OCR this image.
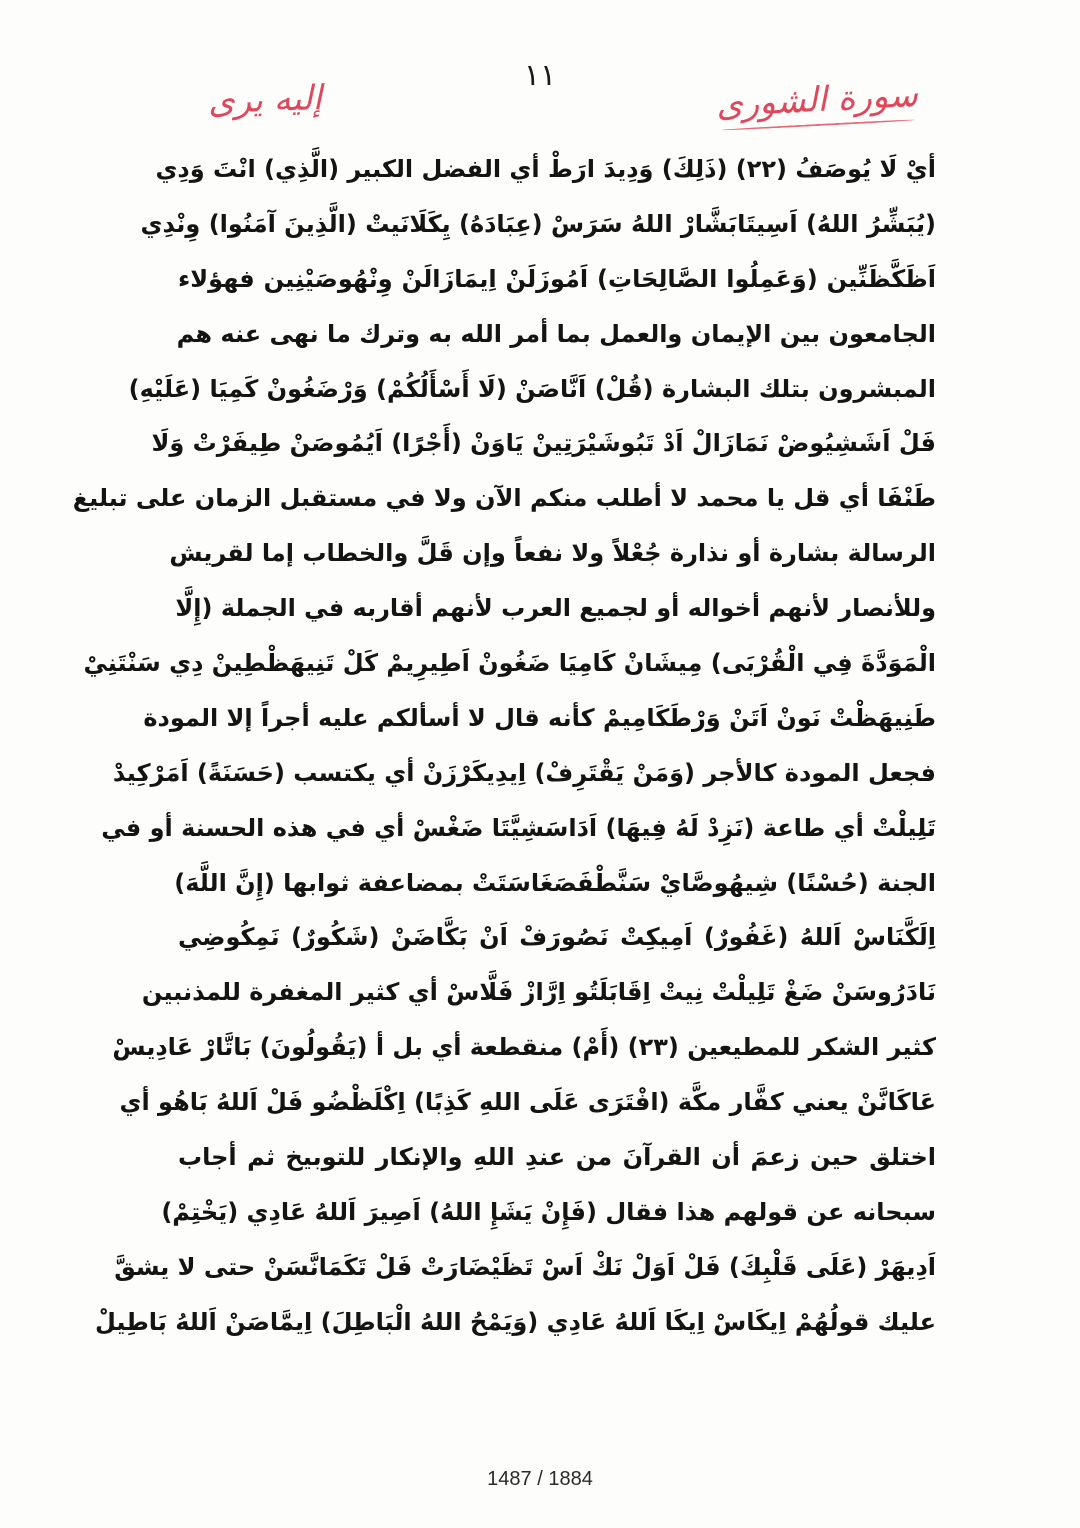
إليه يرى
١١	سورة الشورى
أيْ لَا يُوصَفُ (٢٢) (ذَلِكَ) وَدِيدَ ارَطْ أي الفضل الكبير (الَّذِي) انْتَ وَدِي
(يُبَشِّرُ اللهُ) اَسِيتَابَشَّارْ اللهُ سَرَسْ (عِبَادَهُ) يِكَلَانَيتْ (الَّذِينَ آمَنُوا) وِنْدِي
اَظَكَّظَنِّين (وَعَمِلُوا الصَّالِحَاتِ) اَمُوزَلَنْ اِيمَازَالَنْ وِنْهُوصَيْنِين فهؤلاء
الجامعون بين الإيمان والعمل بما أمر الله به وترك ما نهى عنه هم
المبشرون بتلك البشارة (قُلْ) اَنَّاصَنْ (لَا أَسْأَلُكُمْ) وَرْضَغُونْ كَمِيَا (عَلَيْهِ)
فَلْ اَشَشِيُوضْ نَمَازَالْ اَدْ تَبُوشَيْرَتِينْ يَاوَنْ (أَجْرًا) اَيُمُوصَنْ طِيفَرْتْ وَلَا
طَنْفَا أي قل يا محمد لا أطلب منكم الآن ولا في مستقبل الزمان على تبليغ
الرسالة بشارة أو نذارة جُعْلاً ولا نفعاً وإن قَلَّ والخطاب إما لقريش
وللأنصار لأنهم أخواله أو لجميع العرب لأنهم أقاربه في الجملة (إِلَّا
الْمَوَدَّةَ فِي الْقُرْبَى) مِيشَانْ كَامِيَا ضَغُونْ اَطِيرِيمْ كَلْ تَنِيهَظْطِينْ دِي سَنْتَنِيْ
طَنِيهَظْتْ نَونْ اَتَنْ وَرْطَكَامِيمْ كأنه قال لا أسألكم عليه أجراً إلا المودة
فجعل المودة كالأجر (وَمَنْ يَقْتَرِفْ) اِيدِيكَرْزَنْ أي يكتسب (حَسَنَةً) اَمَرْكِيدْ
تَلِيلْتْ أي طاعة (نَزِدْ لَهُ فِيهَا) اَدَاسَشِيَّتَا ضَغْسْ أي في هذه الحسنة أو في
الجنة (حُسْنًا) شِيهُوصَّايْ سَنَّطْفَصَغَاسَتَتْ بمضاعفة ثوابها (إِنَّ اللَّهَ)
اِلَكَّنَاسْ اَللهُ (غَفُورٌ) اَمِيكِتْ نَصُورَفْ اَنْ بَكَّاضَنْ (شَكُورٌ) نَمِكُوضِي
نَادَرُوسَنْ ضَغْ تَلِيلْتْ نِيتْ اِقَابَلَتُو اِرَّازْ فَلَّاسْ أي كثير المغفرة للمذنبين
كثير الشكر للمطيعين (٢٣) (أَمْ) منقطعة أي بل أ (يَقُولُونَ) بَاتَّارْ عَادِيسْ
عَاكَانَّنْ يعني كفَّار مكَّة (افْتَرَى عَلَى اللهِ كَذِبًا) اِكْلَظْضُو فَلْ اَللهُ بَاهُو أي
اختلق حين زعمَ أن القرآنَ من عندِ اللهِ والإنكار للتوبيخ ثم أجاب
سبحانه عن قولهم هذا فقال (فَإِنْ يَشَإِ اللهُ) اَصِيرَ اَللهُ عَادِي (يَخْتِمْ)
اَدِيهَرْ (عَلَى قَلْبِكَ) فَلْ اَوَلْ نَكْ اَسْ تَظَيْضَارَتْ فَلْ تَكَمَانَّسَنْ حتى لا يشقَّ
عليك قولُهُمْ اِيكَاسْ اِيكَا اَللهُ عَادِي (وَيَمْحُ اللهُ الْبَاطِلَ) اِيمَّاصَنْ اَللهُ بَاطِيلْ
1487 / 1884
